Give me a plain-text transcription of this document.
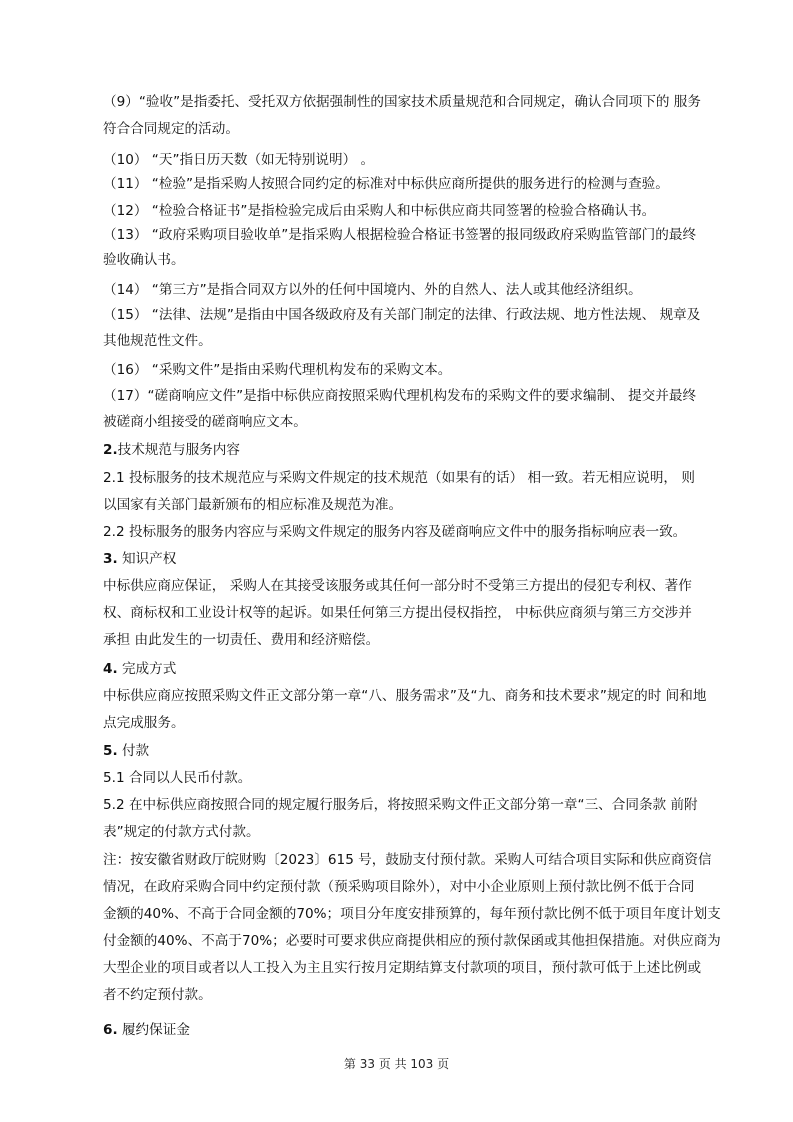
（9）“验收”是指委托、受托双方依据强制性的国家技术质量规范和合同规定，确认合同项下的 服务

符合合同规定的活动。

（10） “天”指日历天数（如无特别说明） 。

（11） “检验”是指采购人按照合同约定的标准对中标供应商所提供的服务进行的检测与查验。

（12） “检验合格证书”是指检验完成后由采购人和中标供应商共同签署的检验合格确认书。

（13） “政府采购项目验收单”是指采购人根据检验合格证书签署的报同级政府采购监管部门的最终

验收确认书。

（14） “第三方”是指合同双方以外的任何中国境内、外的自然人、法人或其他经济组织。

（15） “法律、法规”是指由中国各级政府及有关部门制定的法律、行政法规、地方性法规、 规章及

其他规范性文件。

（16） “采购文件”是指由采购代理机构发布的采购文本。

（17）“磋商响应文件”是指中标供应商按照采购代理机构发布的采购文件的要求编制、 提交并最终

被磋商小组接受的磋商响应文本。

2.技术规范与服务内容

2.1 投标服务的技术规范应与采购文件规定的技术规范（如果有的话） 相一致。若无相应说明， 则

以国家有关部门最新颁布的相应标准及规范为准。

2.2 投标服务的服务内容应与采购文件规定的服务内容及磋商响应文件中的服务指标响应表一致。

3. 知识产权

中标供应商应保证， 采购人在其接受该服务或其任何一部分时不受第三方提出的侵犯专利权、著作

权、商标权和工业设计权等的起诉。如果任何第三方提出侵权指控， 中标供应商须与第三方交涉并

承担 由此发生的一切责任、费用和经济赔偿。

4. 完成方式

中标供应商应按照采购文件正文部分第一章“八、服务需求”及“九、商务和技术要求”规定的时 间和地

点完成服务。

5. 付款

5.1 合同以人民币付款。

5.2 在中标供应商按照合同的规定履行服务后，将按照采购文件正文部分第一章“三、合同条款 前附

表”规定的付款方式付款。

注：按安徽省财政厅皖财购〔2023〕615 号，鼓励支付预付款。采购人可结合项目实际和供应商资信

情况，在政府采购合同中约定预付款（预采购项目除外），对中小企业原则上预付款比例不低于合同

金额的40%、不高于合同金额的70%；项目分年度安排预算的，每年预付款比例不低于项目年度计划支

付金额的40%、不高于70%；必要时可要求供应商提供相应的预付款保函或其他担保措施。对供应商为

大型企业的项目或者以人工投入为主且实行按月定期结算支付款项的项目，预付款可低于上述比例或

者不约定预付款。

6. 履约保证金

第 33 页 共 103 页
